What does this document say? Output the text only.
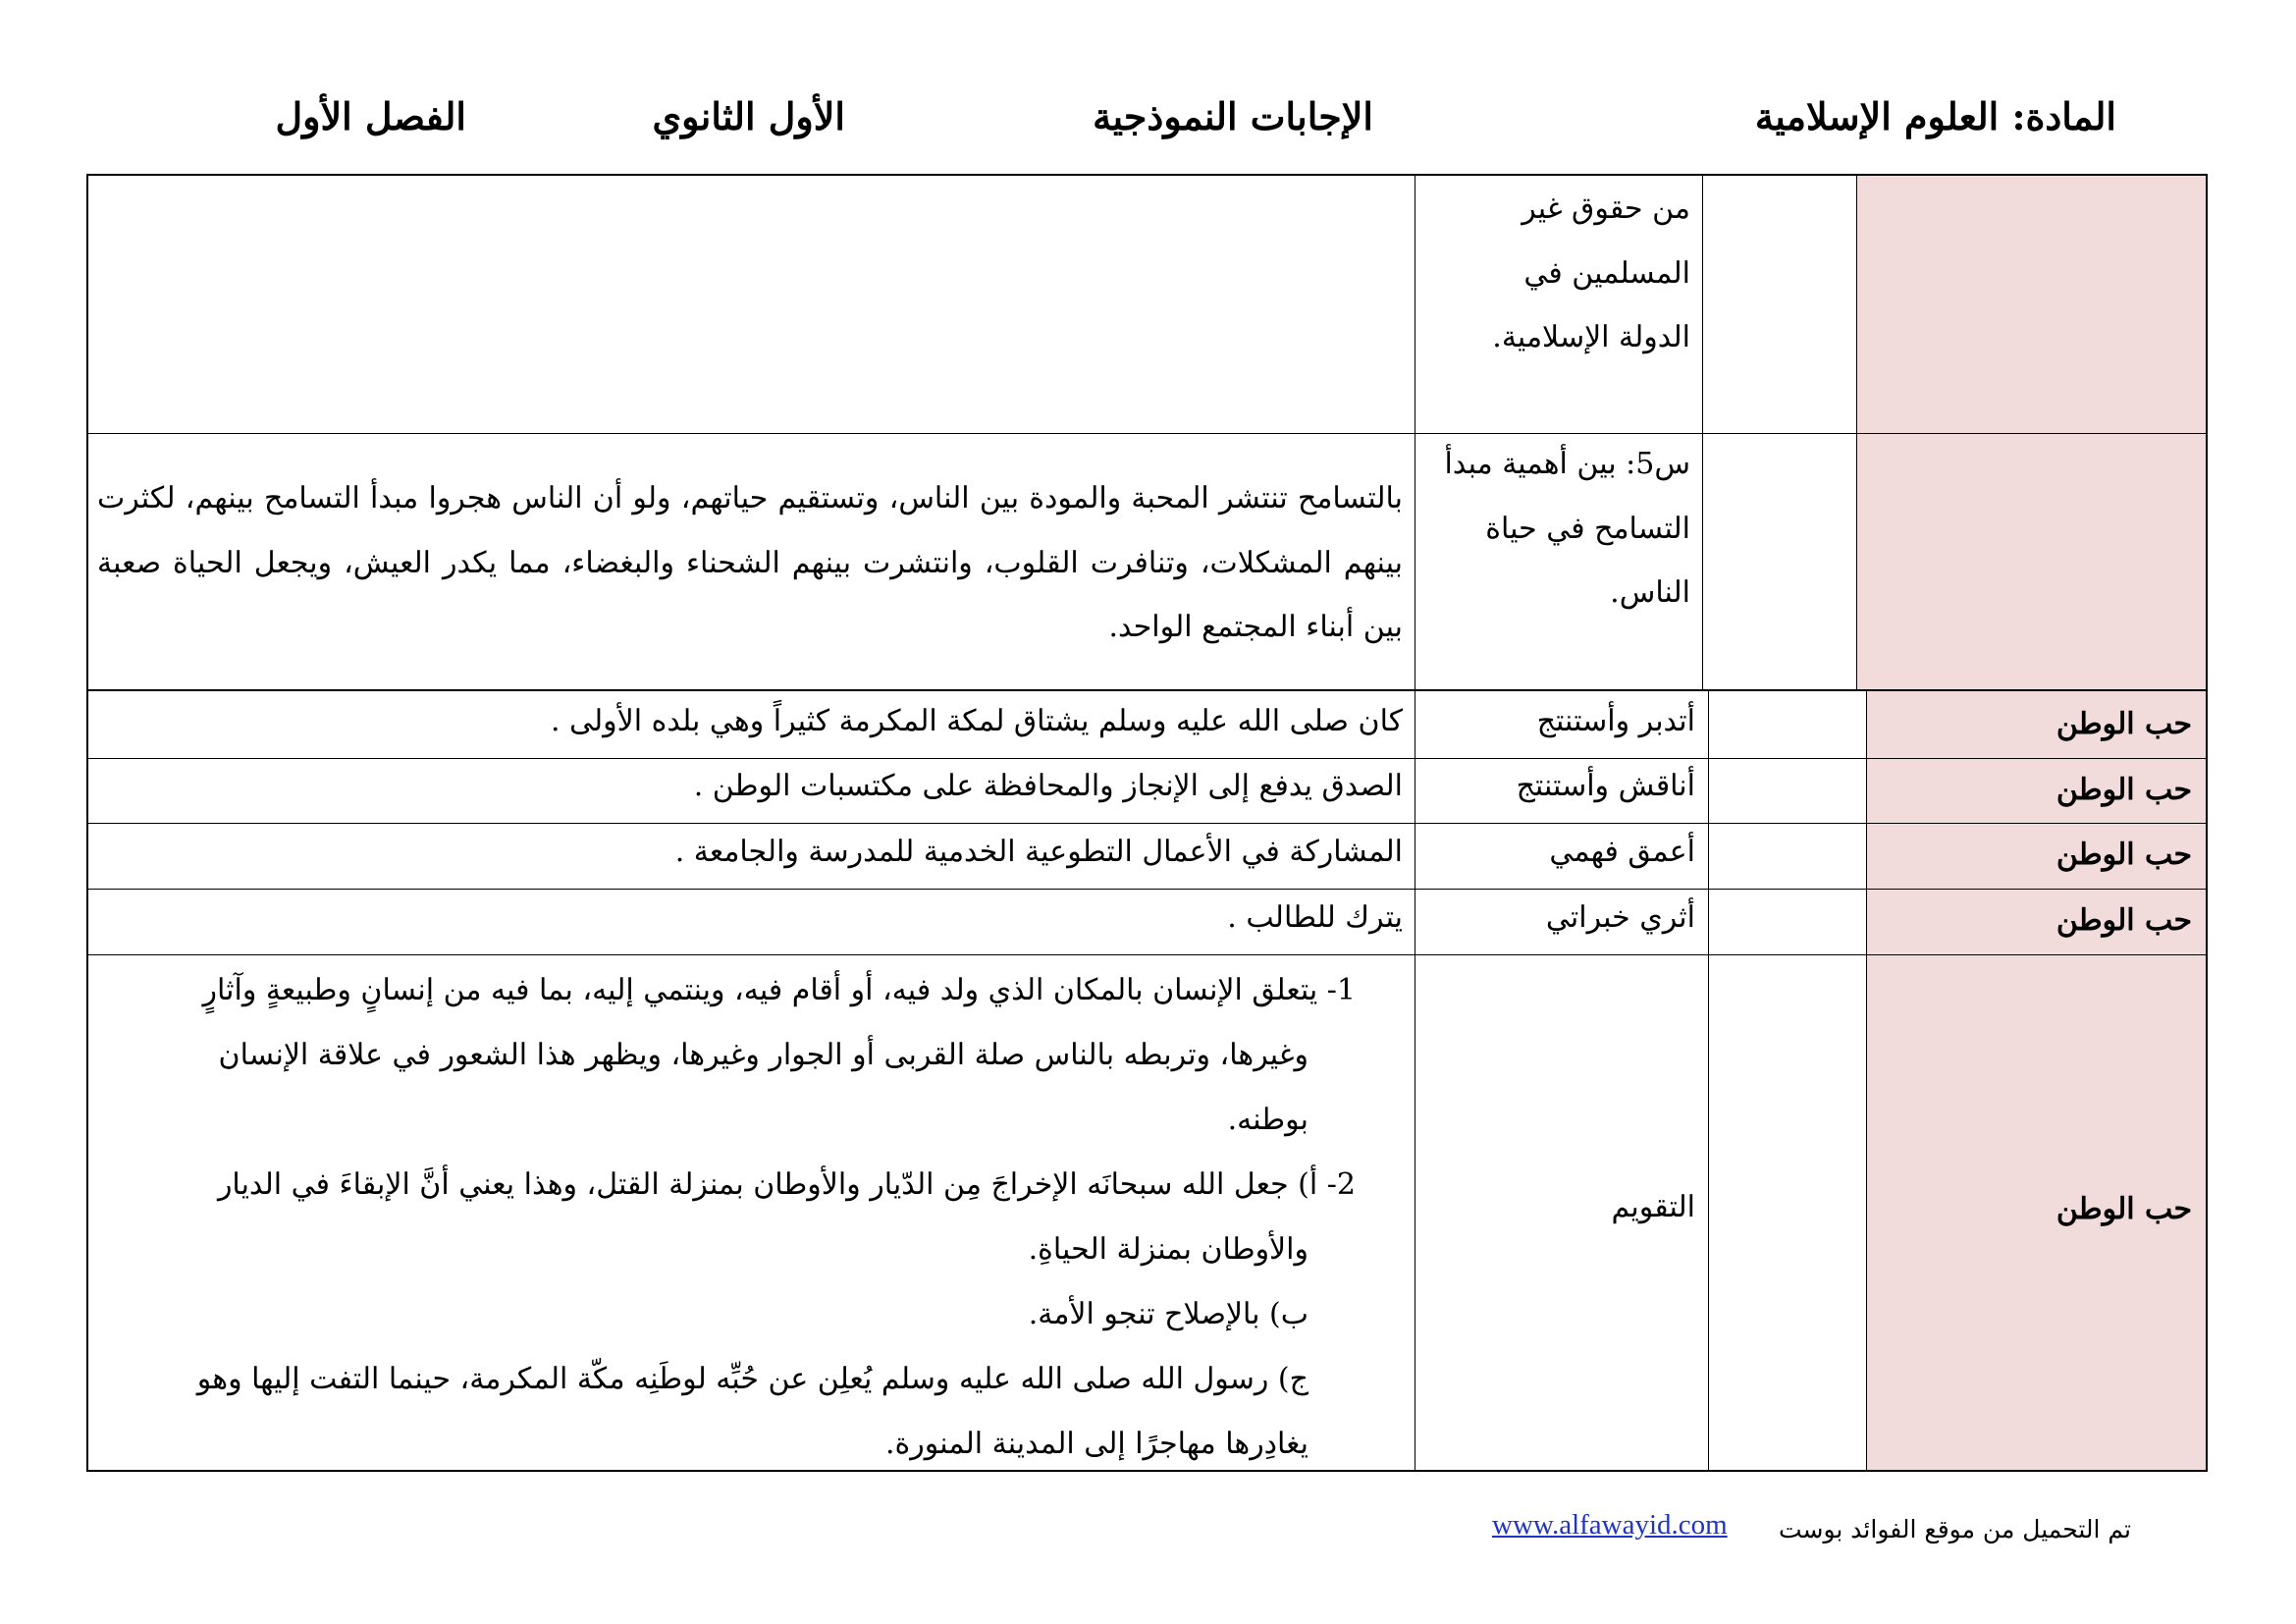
المادة: العلوم الإسلامية
الإجابات النموذجية
الأول الثانوي
الفصل الأول
من حقوق غير المسلمين في الدولة الإسلامية.
س5: بين أهمية مبدأ التسامح في حياة الناس.
بالتسامح تنتشر المحبة والمودة بين الناس، وتستقيم حياتهم، ولو أن الناس هجروا مبدأ التسامح بينهم، لكثرت بينهم المشكلات، وتنافرت القلوب، وانتشرت بينهم الشحناء والبغضاء، مما يكدر العيش، ويجعل الحياة صعبة بين أبناء المجتمع الواحد.
حب الوطن
أتدبر وأستنتج
كان صلى الله عليه وسلم يشتاق لمكة المكرمة كثيراً وهي بلده الأولى .
حب الوطن
أناقش وأستنتج
الصدق يدفع إلى الإنجاز والمحافظة على مكتسبات الوطن .
حب الوطن
أعمق فهمي
المشاركة في الأعمال التطوعية الخدمية للمدرسة والجامعة .
حب الوطن
أثري خبراتي
يترك للطالب .
حب الوطن
التقويم

1- يتعلق الإنسان بالمكان الذي ولد فيه، أو أقام فيه، وينتمي إليه، بما فيه من إنسانٍ وطبيعةٍ وآثارٍ

وغيرها، وتربطه بالناس صلة القربى أو الجوار وغيرها، ويظهر هذا الشعور في علاقة الإنسان

بوطنه.

2- أ) جعل الله سبحانَه الإخراجَ مِن الدّيار والأوطان بمنزلة القتل، وهذا يعني أنَّ الإبقاءَ في الديار

والأوطان بمنزلة الحياةِ.

ب) بالإصلاح تنجو الأمة.

ج) رسول الله صلى الله عليه وسلم يُعلِن عن حُبِّه لوطَنِه مكّة المكرمة، حينما التفت إليها وهو

يغادِرها مهاجرًا إلى المدينة المنورة.

تم التحميل من موقع الفوائد بوست
www.alfawayid.com
